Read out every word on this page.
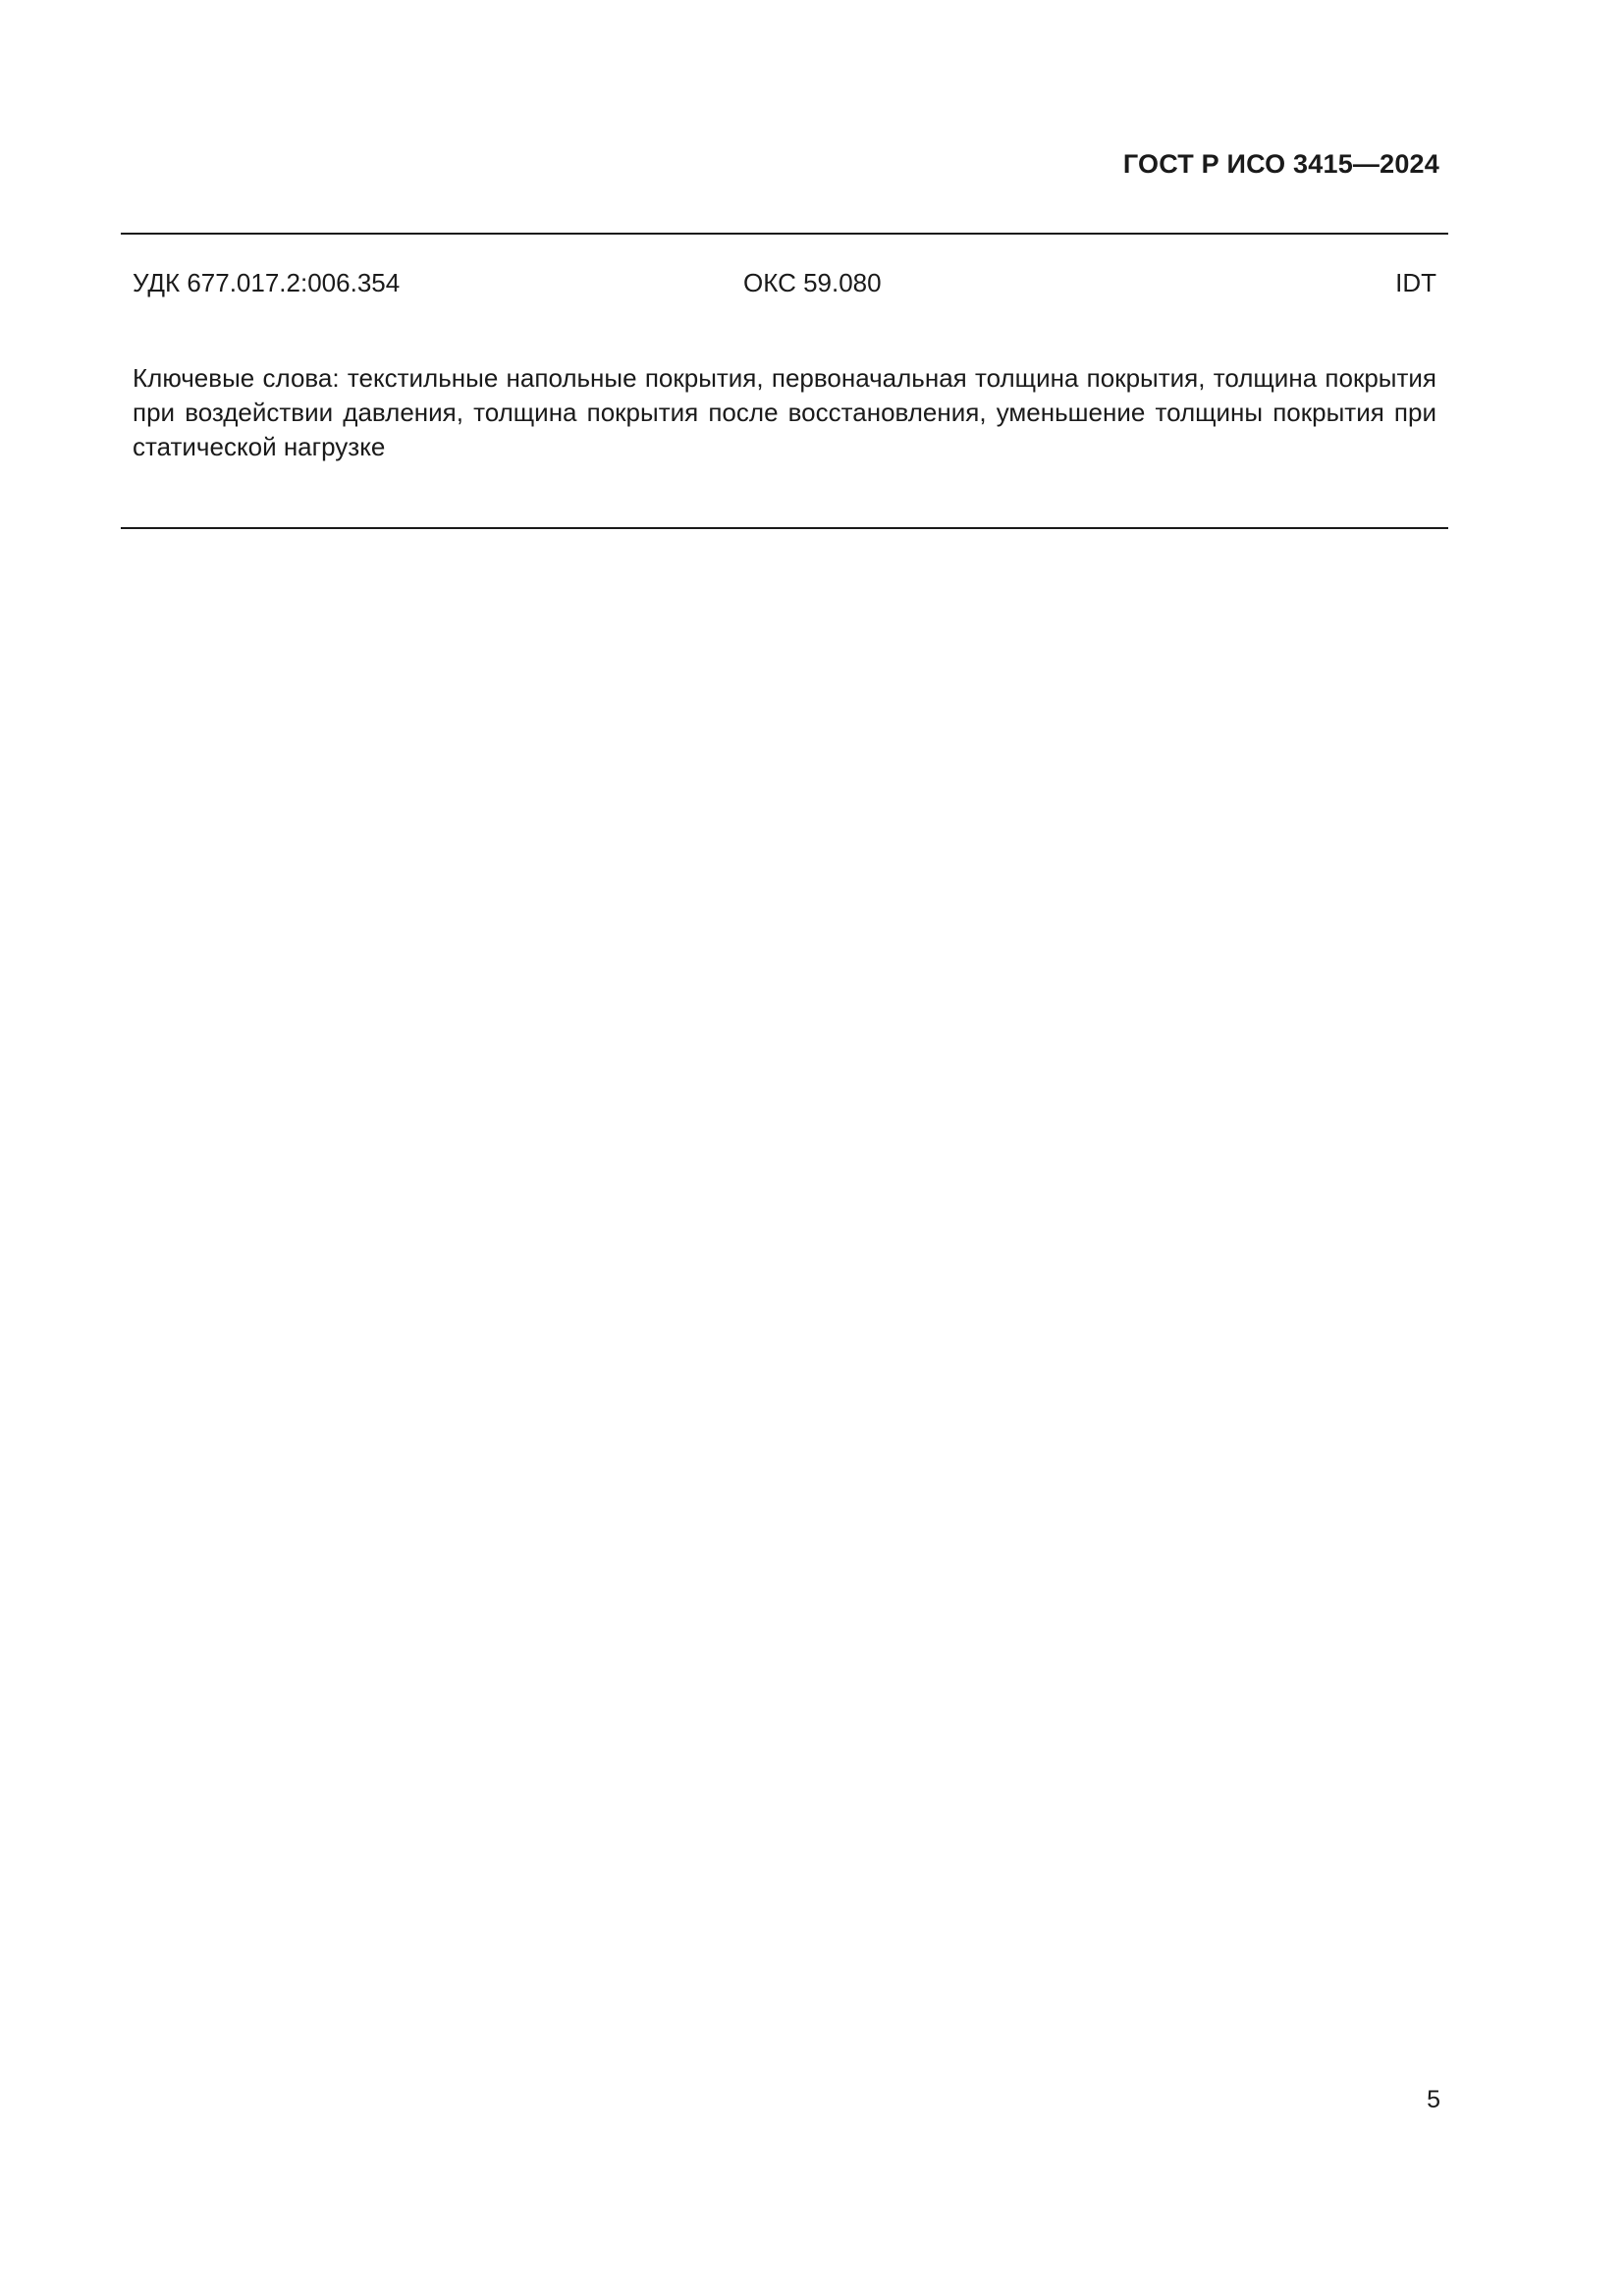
ГОСТ Р ИСО 3415—2024
УДК 677.017.2:006.354	ОКС 59.080	IDT
Ключевые слова: текстильные напольные покрытия, первоначальная толщина покрытия, толщина покрытия при воздействии давления, толщина покрытия после восстановления, уменьшение толщины покрытия при статической нагрузке
5
